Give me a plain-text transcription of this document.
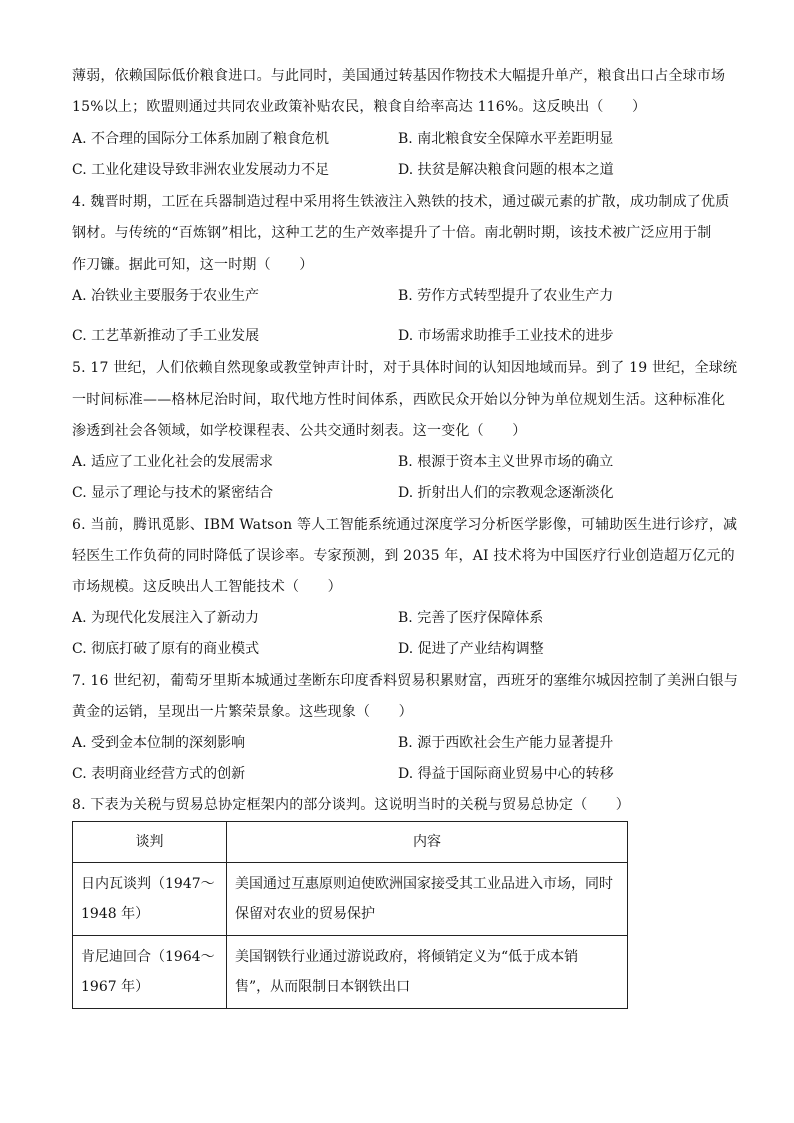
薄弱，依赖国际低价粮食进口。与此同时，美国通过转基因作物技术大幅提升单产，粮食出口占全球市场
15%以上；欧盟则通过共同农业政策补贴农民，粮食自给率高达 116%。这反映出（　　）
A. 不合理的国际分工体系加剧了粮食危机	B. 南北粮食安全保障水平差距明显
C. 工业化建设导致非洲农业发展动力不足	D. 扶贫是解决粮食问题的根本之道
4. 魏晋时期，工匠在兵器制造过程中采用将生铁液注入熟铁的技术，通过碳元素的扩散，成功制成了优质
钢材。与传统的“百炼钢”相比，这种工艺的生产效率提升了十倍。南北朝时期，该技术被广泛应用于制
作刀镰。据此可知，这一时期（　　）
A. 冶铁业主要服务于农业生产	B. 劳作方式转型提升了农业生产力
C. 工艺革新推动了手工业发展	D. 市场需求助推手工业技术的进步
5. 17 世纪，人们依赖自然现象或教堂钟声计时，对于具体时间的认知因地域而异。到了 19 世纪，全球统
一时间标准——格林尼治时间，取代地方性时间体系，西欧民众开始以分钟为单位规划生活。这种标准化
渗透到社会各领域，如学校课程表、公共交通时刻表。这一变化（　　）
A. 适应了工业化社会的发展需求	B. 根源于资本主义世界市场的确立
C. 显示了理论与技术的紧密结合	D. 折射出人们的宗教观念逐渐淡化
6. 当前，腾讯觅影、IBM Watson 等人工智能系统通过深度学习分析医学影像，可辅助医生进行诊疗，减
轻医生工作负荷的同时降低了误诊率。专家预测，到 2035 年，AI 技术将为中国医疗行业创造超万亿元的
市场规模。这反映出人工智能技术（　　）
A. 为现代化发展注入了新动力	B. 完善了医疗保障体系
C. 彻底打破了原有的商业模式	D. 促进了产业结构调整
7. 16 世纪初，葡萄牙里斯本城通过垄断东印度香料贸易积累财富，西班牙的塞维尔城因控制了美洲白银与
黄金的运销，呈现出一片繁荣景象。这些现象（　　）
A. 受到金本位制的深刻影响	B. 源于西欧社会生产能力显著提升
C. 表明商业经营方式的创新	D. 得益于国际商业贸易中心的转移
8. 下表为关税与贸易总协定框架内的部分谈判。这说明当时的关税与贸易总协定（　　）
谈判	内容

日内瓦谈判（1947～
1948 年）	美国通过互惠原则迫使欧洲国家接受其工业品进入市场，同时
保留对农业的贸易保护

肯尼迪回合（1964～
1967 年）	美国钢铁行业通过游说政府，将倾销定义为“低于成本销
售”，从而限制日本钢铁出口
